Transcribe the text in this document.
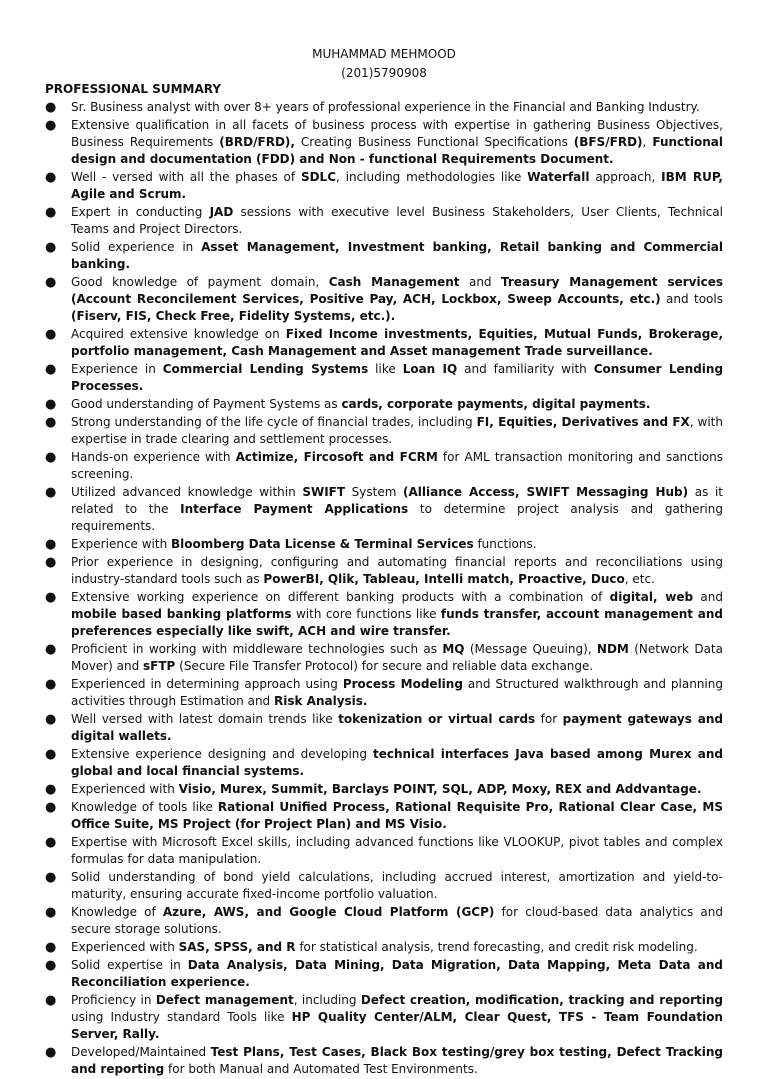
MUHAMMAD MEHMOOD
(201)5790908
PROFESSIONAL SUMMARY
● Sr. Business analyst with over 8+ years of professional experience in the Financial and Banking Industry.
● Extensive qualification in all facets of business process with expertise in gathering Business Objectives, Business Requirements (BRD/FRD), Creating Business Functional Specifications (BFS/FRD), Functional design and documentation (FDD) and Non - functional Requirements Document.
● Well - versed with all the phases of SDLC, including methodologies like Waterfall approach, IBM RUP, Agile and Scrum.
● Expert in conducting JAD sessions with executive level Business Stakeholders, User Clients, Technical Teams and Project Directors.
● Solid experience in Asset Management, Investment banking, Retail banking and Commercial banking.
● Good knowledge of payment domain, Cash Management and Treasury Management services (Account Reconcilement Services, Positive Pay, ACH, Lockbox, Sweep Accounts, etc.) and tools (Fiserv, FIS, Check Free, Fidelity Systems, etc.).
● Acquired extensive knowledge on Fixed Income investments, Equities, Mutual Funds, Brokerage, portfolio management, Cash Management and Asset management Trade surveillance.
● Experience in Commercial Lending Systems like Loan IQ and familiarity with Consumer Lending Processes.
● Good understanding of Payment Systems as cards, corporate payments, digital payments.
● Strong understanding of the life cycle of financial trades, including FI, Equities, Derivatives and FX, with expertise in trade clearing and settlement processes.
● Hands-on experience with Actimize, Fircosoft and FCRM for AML transaction monitoring and sanctions screening.
● Utilized advanced knowledge within SWIFT System (Alliance Access, SWIFT Messaging Hub) as it related to the Interface Payment Applications to determine project analysis and gathering requirements.
● Experience with Bloomberg Data License & Terminal Services functions.
● Prior experience in designing, configuring and automating financial reports and reconciliations using industry-standard tools such as PowerBI, Qlik, Tableau, Intelli match, Proactive, Duco, etc.
● Extensive working experience on different banking products with a combination of digital, web and mobile based banking platforms with core functions like funds transfer, account management and preferences especially like swift, ACH and wire transfer.
● Proficient in working with middleware technologies such as MQ (Message Queuing), NDM (Network Data Mover) and sFTP (Secure File Transfer Protocol) for secure and reliable data exchange.
● Experienced in determining approach using Process Modeling and Structured walkthrough and planning activities through Estimation and Risk Analysis.
● Well versed with latest domain trends like tokenization or virtual cards for payment gateways and digital wallets.
● Extensive experience designing and developing technical interfaces Java based among Murex and global and local financial systems.
● Experienced with Visio, Murex, Summit, Barclays POINT, SQL, ADP, Moxy, REX and Addvantage.
● Knowledge of tools like Rational Unified Process, Rational Requisite Pro, Rational Clear Case, MS Office Suite, MS Project (for Project Plan) and MS Visio.
● Expertise with Microsoft Excel skills, including advanced functions like VLOOKUP, pivot tables and complex formulas for data manipulation.
● Solid understanding of bond yield calculations, including accrued interest, amortization and yield-to-maturity, ensuring accurate fixed-income portfolio valuation.
● Knowledge of Azure, AWS, and Google Cloud Platform (GCP) for cloud-based data analytics and secure storage solutions.
● Experienced with SAS, SPSS, and R for statistical analysis, trend forecasting, and credit risk modeling.
● Solid expertise in Data Analysis, Data Mining, Data Migration, Data Mapping, Meta Data and Reconciliation experience.
● Proficiency in Defect management, including Defect creation, modification, tracking and reporting using Industry standard Tools like HP Quality Center/ALM, Clear Quest, TFS - Team Foundation Server, Rally.
● Developed/Maintained Test Plans, Test Cases, Black Box testing/grey box testing, Defect Tracking and reporting for both Manual and Automated Test Environments.
